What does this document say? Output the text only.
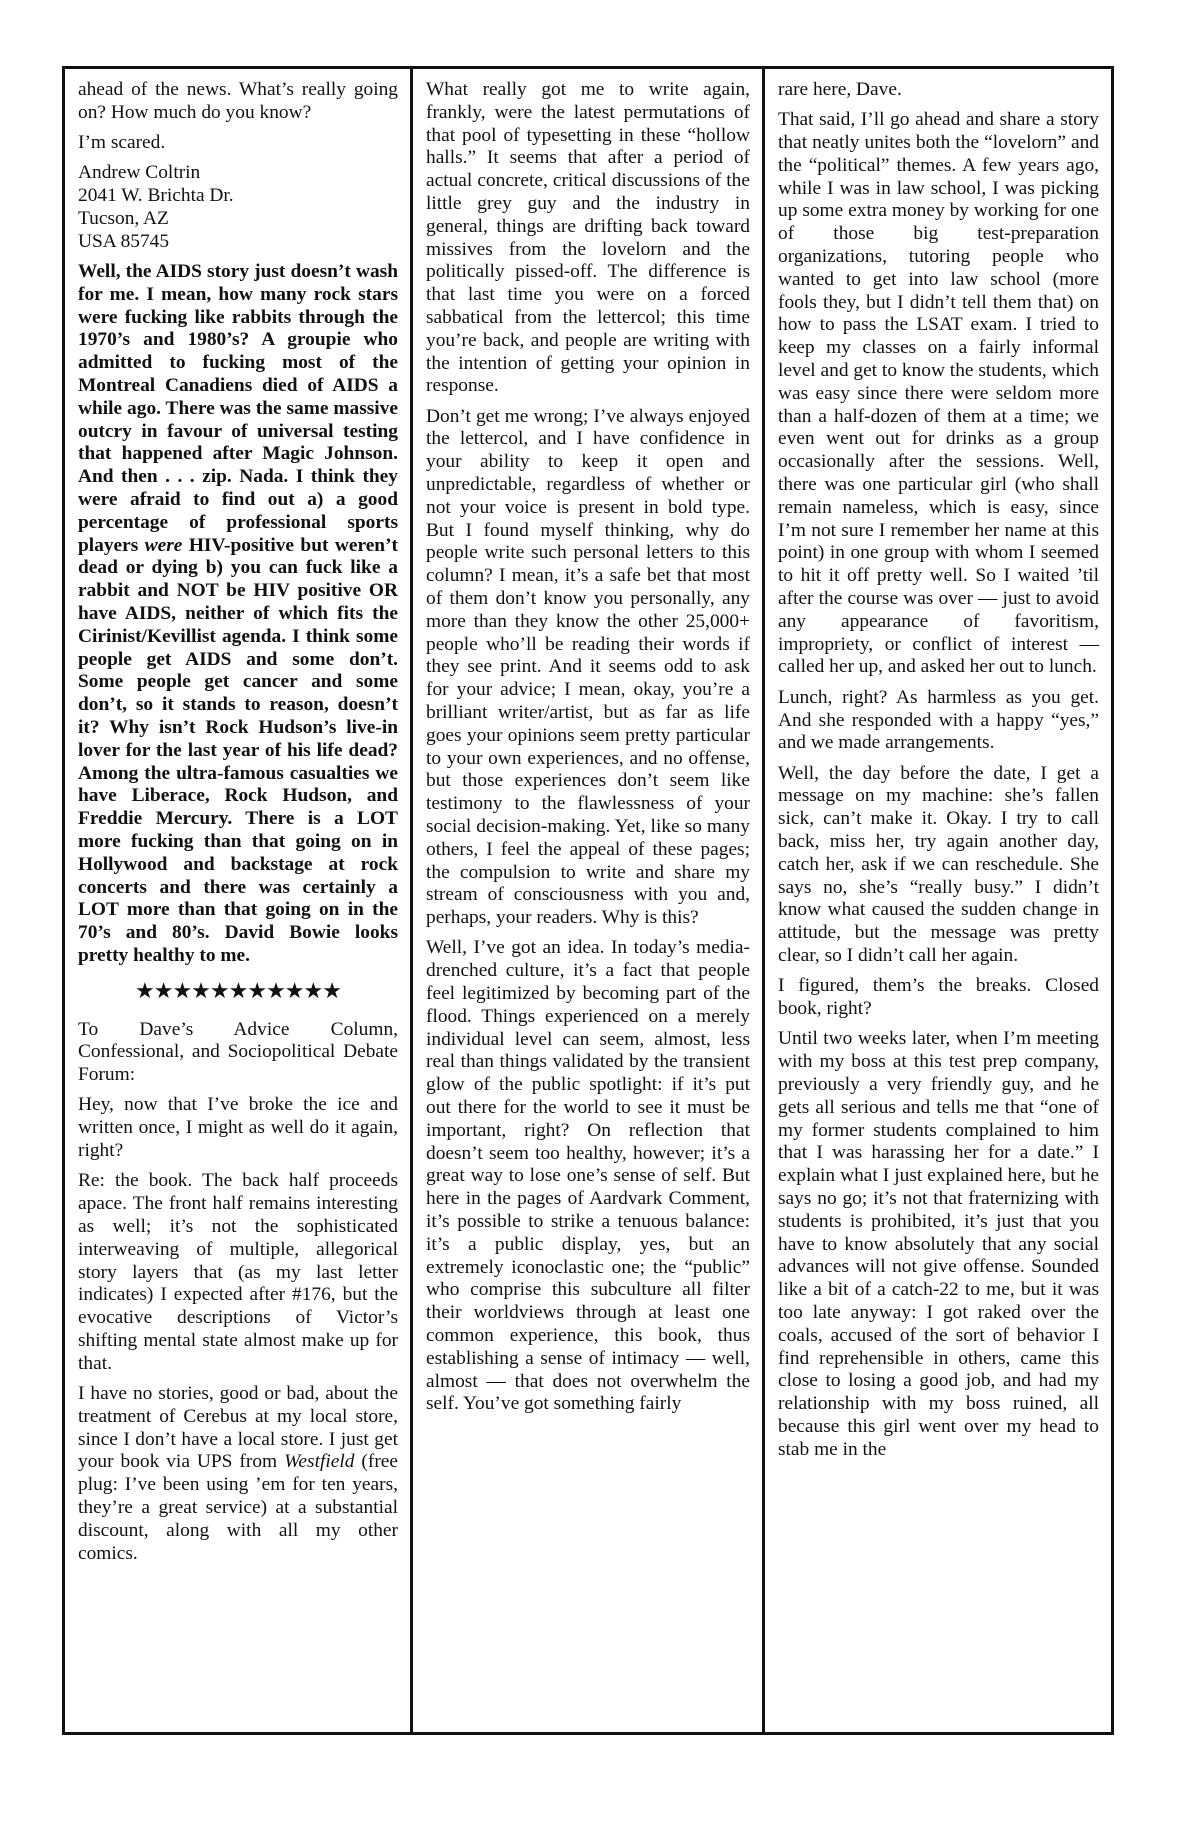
ahead of the news. What’s really going on? How much do you know?

I’m scared.

Andrew Coltrin
2041 W. Brichta Dr.
Tucson, AZ
USA 85745

Well, the AIDS story just doesn’t wash for me. I mean, how many rock stars were fucking like rabbits through the 1970’s and 1980’s? A groupie who admitted to fucking most of the Montreal Canadiens died of AIDS a while ago. There was the same massive outcry in favour of universal testing that happened after Magic Johnson. And then . . . zip. Nada. I think they were afraid to find out a) a good percentage of professional sports players were HIV-positive but weren’t dead or dying b) you can fuck like a rabbit and NOT be HIV positive OR have AIDS, neither of which fits the Cirinist/Kevillist agenda. I think some people get AIDS and some don’t. Some people get cancer and some don’t, so it stands to reason, doesn’t it? Why isn’t Rock Hudson’s live-in lover for the last year of his life dead? Among the ultra-famous casualties we have Liberace, Rock Hudson, and Freddie Mercury. There is a LOT more fucking than that going on in Hollywood and backstage at rock concerts and there was certainly a LOT more than that going on in the 70’s and 80’s. David Bowie looks pretty healthy to me.

★★★★★★★★★★★

To Dave’s Advice Column, Confessional, and Sociopolitical Debate Forum:

Hey, now that I’ve broke the ice and written once, I might as well do it again, right?

Re: the book. The back half proceeds apace. The front half remains interesting as well; it’s not the sophisticated interweaving of multiple, allegorical story layers that (as my last letter indicates) I expected after #176, but the evocative descriptions of Victor’s shifting mental state almost make up for that.

I have no stories, good or bad, about the treatment of Cerebus at my local store, since I don’t have a local store. I just get your book via UPS from Westfield (free plug: I’ve been using ’em for ten years, they’re a great service) at a substantial discount, along with all my other comics.

What really got me to write again, frankly, were the latest permutations of that pool of typesetting in these “hollow halls.” It seems that after a period of actual concrete, critical discussions of the little grey guy and the industry in general, things are drifting back toward missives from the lovelorn and the politically pissed-off. The difference is that last time you were on a forced sabbatical from the lettercol; this time you’re back, and people are writing with the intention of getting your opinion in response.

Don’t get me wrong; I’ve always enjoyed the lettercol, and I have confidence in your ability to keep it open and unpredictable, regardless of whether or not your voice is present in bold type. But I found myself thinking, why do people write such personal letters to this column? I mean, it’s a safe bet that most of them don’t know you personally, any more than they know the other 25,000+ people who’ll be reading their words if they see print. And it seems odd to ask for your advice; I mean, okay, you’re a brilliant writer/artist, but as far as life goes your opinions seem pretty particular to your own experiences, and no offense, but those experiences don’t seem like testimony to the flawlessness of your social decision-making. Yet, like so many others, I feel the appeal of these pages; the compulsion to write and share my stream of consciousness with you and, perhaps, your readers. Why is this?

Well, I’ve got an idea. In today’s media-drenched culture, it’s a fact that people feel legitimized by becoming part of the flood. Things experienced on a merely individual level can seem, almost, less real than things validated by the transient glow of the public spotlight: if it’s put out there for the world to see it must be important, right? On reflection that doesn’t seem too healthy, however; it’s a great way to lose one’s sense of self. But here in the pages of Aardvark Comment, it’s possible to strike a tenuous balance: it’s a public display, yes, but an extremely iconoclastic one; the “public” who comprise this subculture all filter their worldviews through at least one common experience, this book, thus establishing a sense of intimacy — well, almost — that does not overwhelm the self. You’ve got something fairly

rare here, Dave.

That said, I’ll go ahead and share a story that neatly unites both the “lovelorn” and the “political” themes. A few years ago, while I was in law school, I was picking up some extra money by working for one of those big test-preparation organizations, tutoring people who wanted to get into law school (more fools they, but I didn’t tell them that) on how to pass the LSAT exam. I tried to keep my classes on a fairly informal level and get to know the students, which was easy since there were seldom more than a half-dozen of them at a time; we even went out for drinks as a group occasionally after the sessions. Well, there was one particular girl (who shall remain nameless, which is easy, since I’m not sure I remember her name at this point) in one group with whom I seemed to hit it off pretty well. So I waited ’til after the course was over — just to avoid any appearance of favoritism, impropriety, or conflict of interest — called her up, and asked her out to lunch.

Lunch, right? As harmless as you get. And she responded with a happy “yes,” and we made arrangements.

Well, the day before the date, I get a message on my machine: she’s fallen sick, can’t make it. Okay. I try to call back, miss her, try again another day, catch her, ask if we can reschedule. She says no, she’s “really busy.” I didn’t know what caused the sudden change in attitude, but the message was pretty clear, so I didn’t call her again.

I figured, them’s the breaks. Closed book, right?

Until two weeks later, when I’m meeting with my boss at this test prep company, previously a very friendly guy, and he gets all serious and tells me that “one of my former students complained to him that I was harassing her for a date.” I explain what I just explained here, but he says no go; it’s not that fraternizing with students is prohibited, it’s just that you have to know absolutely that any social advances will not give offense. Sounded like a bit of a catch-22 to me, but it was too late anyway: I got raked over the coals, accused of the sort of behavior I find reprehensible in others, came this close to losing a good job, and had my relationship with my boss ruined, all because this girl went over my head to stab me in the
